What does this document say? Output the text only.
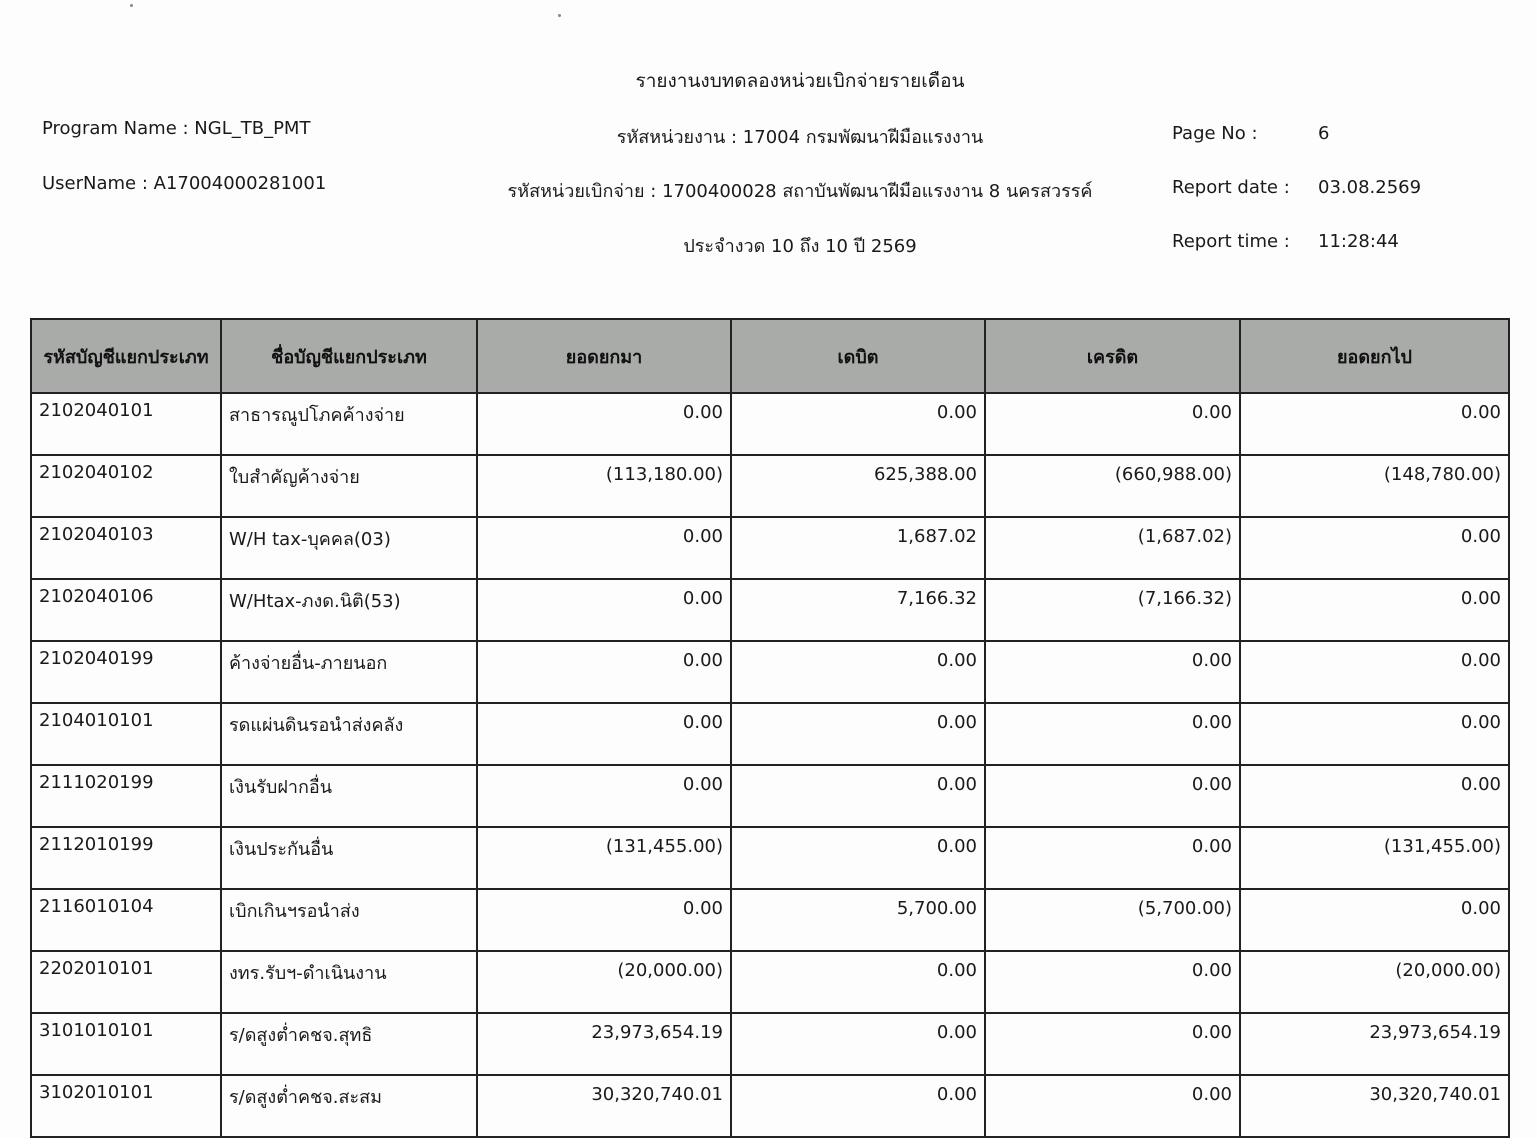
รายงานงบทดลองหน่วยเบิกจ่ายรายเดือน
Program Name : NGL_TB_PMT
UserName : A17004000281001
รหัสหน่วยงาน : 17004 กรมพัฒนาฝีมือแรงงาน
รหัสหน่วยเบิกจ่าย : 1700400028 สถาบันพัฒนาฝีมือแรงงาน 8 นครสวรรค์
ประจำงวด 10 ถึง 10 ปี 2569
Page No :	6
Report date : 03.08.2569
Report time : 11:28:44
รหัสบัญชีแยกประเภท	ชื่อบัญชีแยกประเภท	ยอดยกมา	เดบิต	เครดิต	ยอดยกไป
2102040101	สาธารณูปโภคค้างจ่าย	0.00	0.00	0.00	0.00
2102040102	ใบสำคัญค้างจ่าย	(113,180.00)	625,388.00	(660,988.00)	(148,780.00)
2102040103	W/H tax-บุคคล(03)	0.00	1,687.02	(1,687.02)	0.00
2102040106	W/Htax-ภงด.นิติ(53)	0.00	7,166.32	(7,166.32)	0.00
2102040199	ค้างจ่ายอื่น-ภายนอก	0.00	0.00	0.00	0.00
2104010101	รดแผ่นดินรอนำส่งคลัง	0.00	0.00	0.00	0.00
2111020199	เงินรับฝากอื่น	0.00	0.00	0.00	0.00
2112010199	เงินประกันอื่น	(131,455.00)	0.00	0.00	(131,455.00)
2116010104	เบิกเกินฯรอนำส่ง	0.00	5,700.00	(5,700.00)	0.00
2202010101	งทร.รับฯ-ดำเนินงาน	(20,000.00)	0.00	0.00	(20,000.00)
3101010101	ร/ดสูงต่ำคชจ.สุทธิ	23,973,654.19	0.00	0.00	23,973,654.19
3102010101	ร/ดสูงต่ำคชจ.สะสม	30,320,740.01	0.00	0.00	30,320,740.01
